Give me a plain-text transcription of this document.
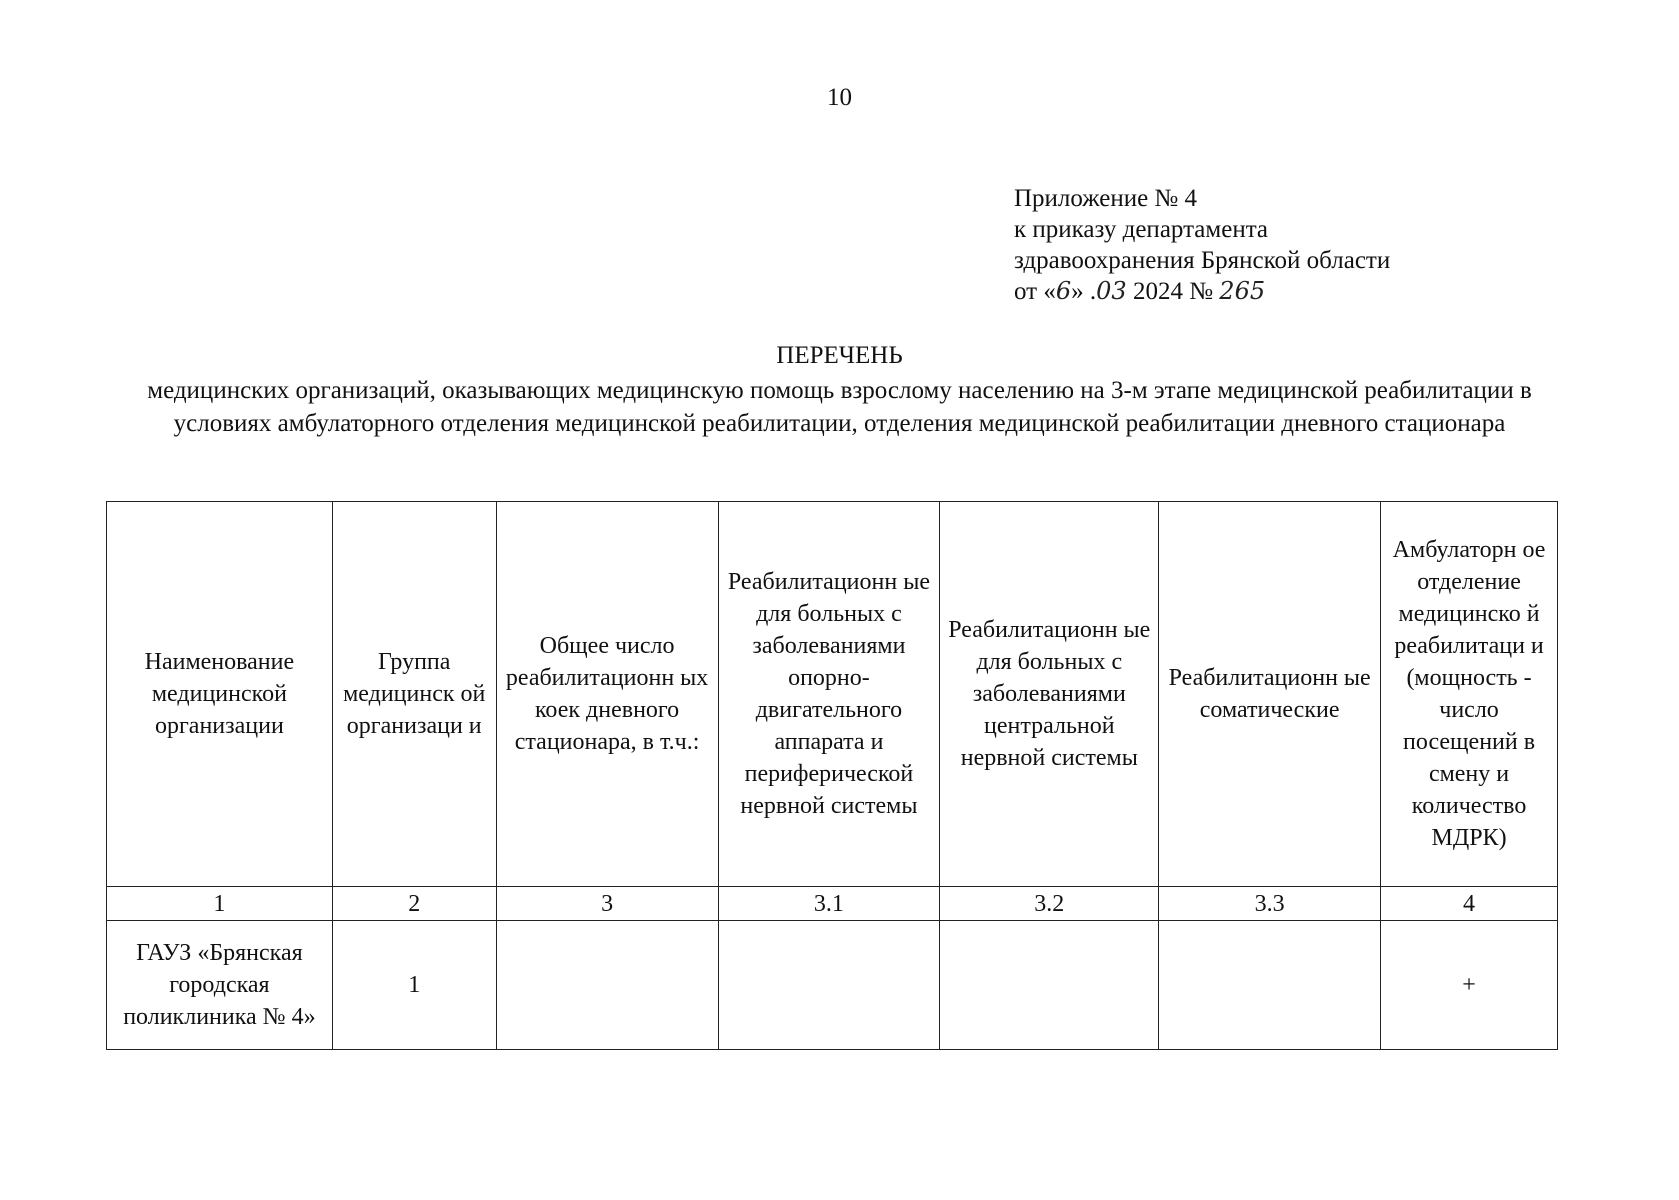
10
Приложение № 4
к приказу департамента
здравоохранения Брянской области
от «6» .03 2024 № 265
ПЕРЕЧЕНЬ
медицинских организаций, оказывающих медицинскую помощь взрослому населению на 3-м этапе медицинской реабилитации в условиях амбулаторного отделения медицинской реабилитации, отделения медицинской реабилитации дневного стационара
Наименование медицинской организации	Группа медицинск ой организаци и	Общее число реабилитационн ых коек дневного стационара, в т.ч.:	Реабилитационн ые для больных с заболеваниями опорно-двигательного аппарата и периферической нервной системы	Реабилитационн ые для больных с заболеваниями центральной нервной системы	Реабилитационн ые соматические	Амбулаторн ое отделение медицинско й реабилитаци и (мощность - число посещений в смену и количество МДРК)
1	2	3	3.1	3.2	3.3	4
ГАУЗ «Брянская городская поликлиника № 4»	1					+
